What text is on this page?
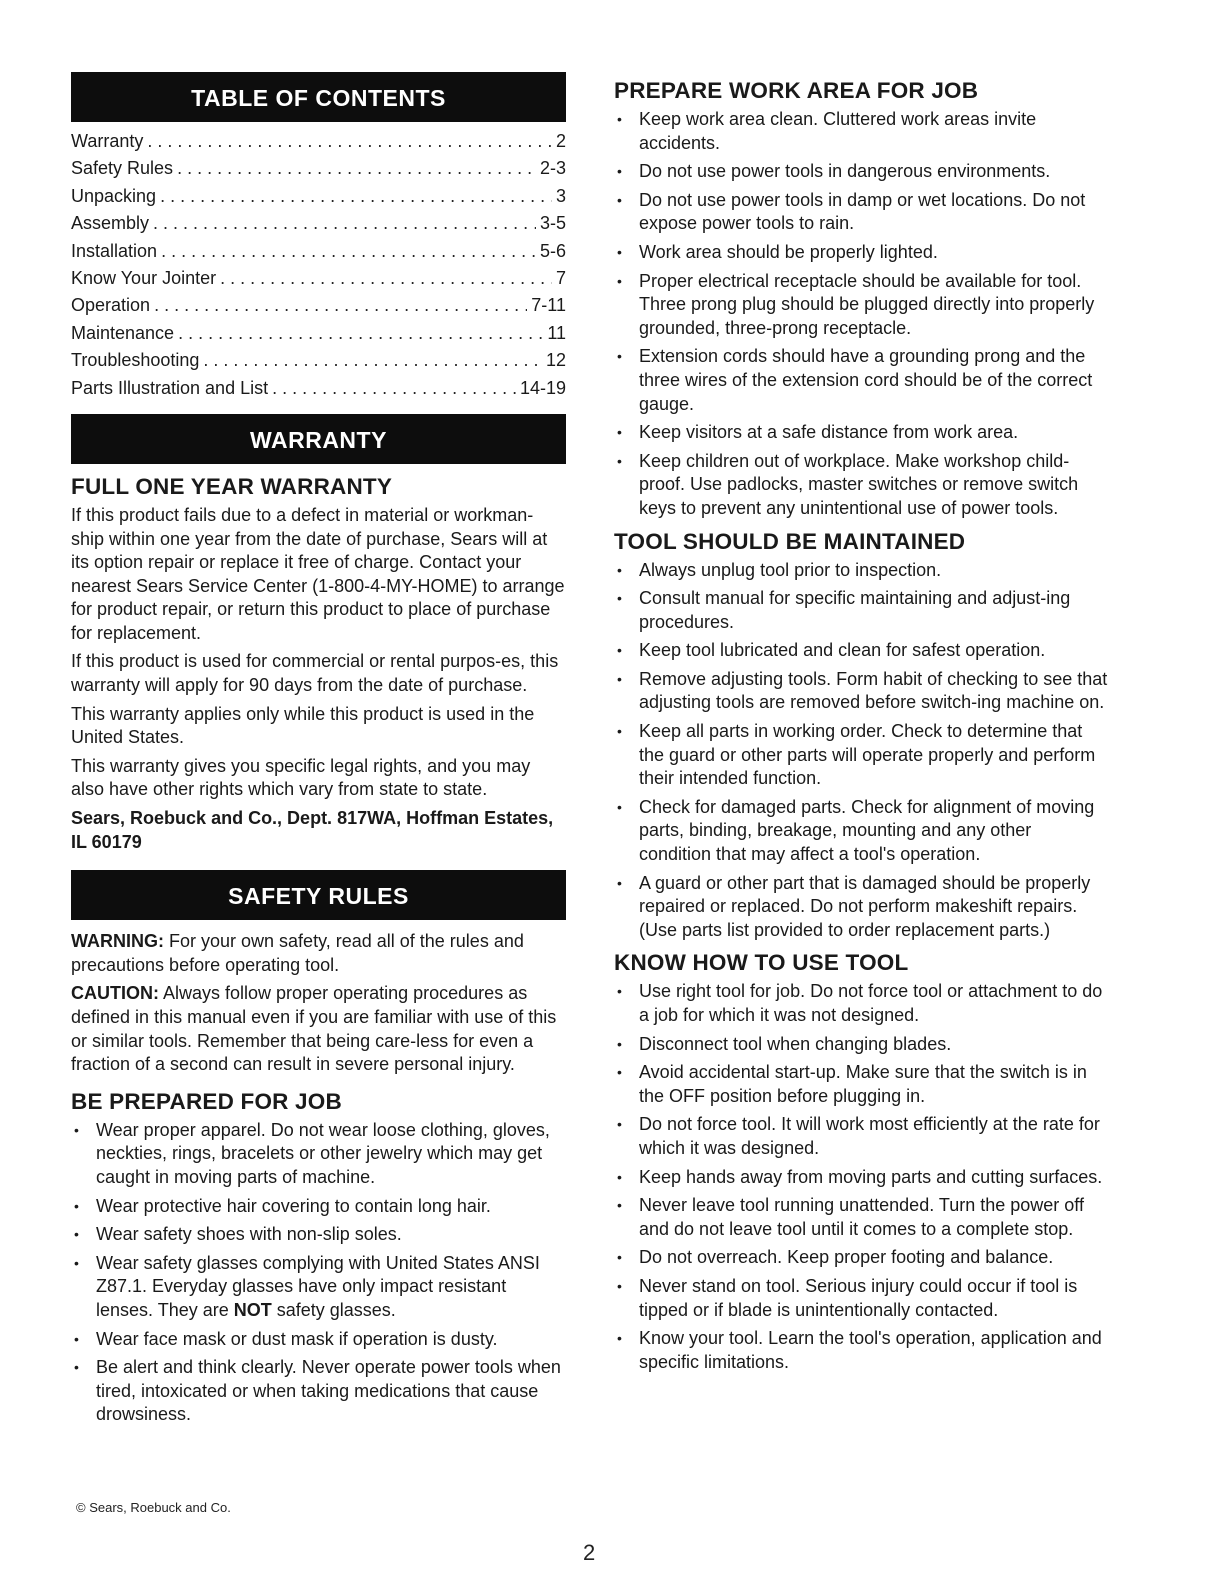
TABLE OF CONTENTS
Warranty . . .	2
Safety Rules . . .	2-3
Unpacking . . .	3
Assembly . . .	3-5
Installation . . .	5-6
Know Your Jointer . . .	7
Operation . . .	7-11
Maintenance . . .	11
Troubleshooting . . .	12
Parts Illustration and List . . .	14-19
WARRANTY
FULL ONE YEAR WARRANTY

If this product fails due to a defect in material or workman-ship within one year from the date of purchase, Sears will at its option repair or replace it free of charge. Contact your nearest Sears Service Center (1-800-4-MY-HOME) to arrange for product repair, or return this product to place of purchase for replacement.

If this product is used for commercial or rental purpos-es, this warranty will apply for 90 days from the date of purchase.

This warranty applies only while this product is used in the United States.

This warranty gives you specific legal rights, and you may also have other rights which vary from state to state.

Sears, Roebuck and Co., Dept. 817WA, Hoffman Estates, IL 60179

SAFETY RULES

WARNING: For your own safety, read all of the rules and precautions before operating tool.

CAUTION: Always follow proper operating procedures as defined in this manual even if you are familiar with use of this or similar tools. Remember that being care-less for even a fraction of a second can result in severe personal injury.

BE PREPARED FOR JOB
• Wear proper apparel. Do not wear loose clothing, gloves, neckties, rings, bracelets or other jewelry which may get caught in moving parts of machine.
• Wear protective hair covering to contain long hair.
• Wear safety shoes with non-slip soles.
• Wear safety glasses complying with United States ANSI Z87.1. Everyday glasses have only impact resistant lenses. They are NOT safety glasses.
• Wear face mask or dust mask if operation is dusty.
• Be alert and think clearly. Never operate power tools when tired, intoxicated or when taking medications that cause drowsiness.
PREPARE WORK AREA FOR JOB
• Keep work area clean. Cluttered work areas invite accidents.
• Do not use power tools in dangerous environments.
• Do not use power tools in damp or wet locations. Do not expose power tools to rain.
• Work area should be properly lighted.
• Proper electrical receptacle should be available for tool. Three prong plug should be plugged directly into properly grounded, three-prong receptacle.
• Extension cords should have a grounding prong and the three wires of the extension cord should be of the correct gauge.
• Keep visitors at a safe distance from work area.
• Keep children out of workplace. Make workshop child-proof. Use padlocks, master switches or remove switch keys to prevent any unintentional use of power tools.
TOOL SHOULD BE MAINTAINED
• Always unplug tool prior to inspection.
• Consult manual for specific maintaining and adjust-ing procedures.
• Keep tool lubricated and clean for safest operation.
• Remove adjusting tools. Form habit of checking to see that adjusting tools are removed before switch-ing machine on.
• Keep all parts in working order. Check to determine that the guard or other parts will operate properly and perform their intended function.
• Check for damaged parts. Check for alignment of moving parts, binding, breakage, mounting and any other condition that may affect a tool's operation.
• A guard or other part that is damaged should be properly repaired or replaced. Do not perform makeshift repairs. (Use parts list provided to order replacement parts.)
KNOW HOW TO USE TOOL
• Use right tool for job. Do not force tool or attachment to do a job for which it was not designed.
• Disconnect tool when changing blades.
• Avoid accidental start-up. Make sure that the switch is in the OFF position before plugging in.
• Do not force tool. It will work most efficiently at the rate for which it was designed.
• Keep hands away from moving parts and cutting surfaces.
• Never leave tool running unattended. Turn the power off and do not leave tool until it comes to a complete stop.
• Do not overreach. Keep proper footing and balance.
• Never stand on tool. Serious injury could occur if tool is tipped or if blade is unintentionally contacted.
• Know your tool. Learn the tool's operation, application and specific limitations.
© Sears, Roebuck and Co.
2
